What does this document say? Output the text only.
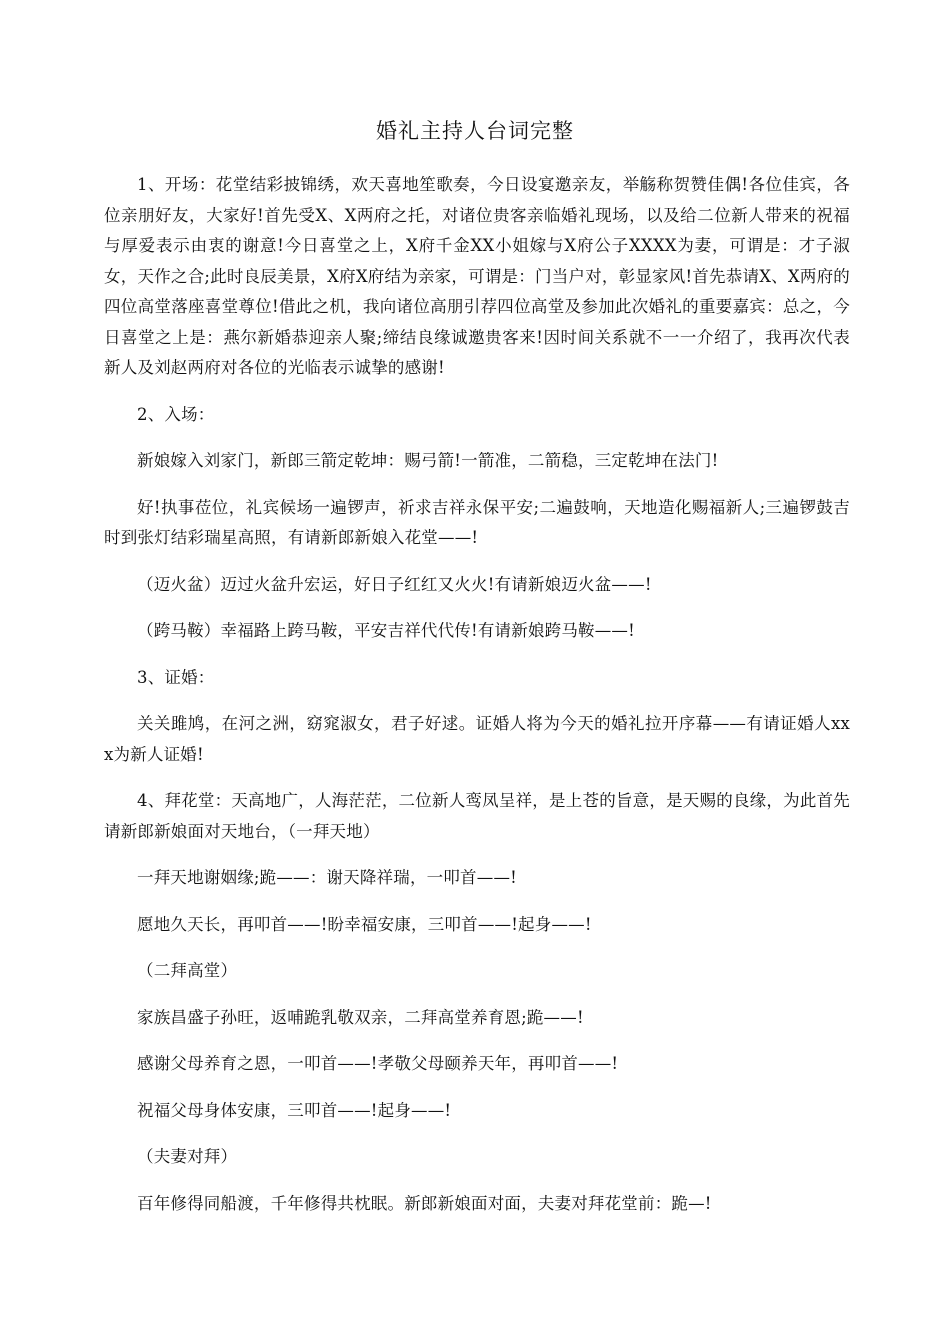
婚礼主持人台词完整

1、开场：花堂结彩披锦绣，欢天喜地笙歌奏，今日设宴邀亲友，举觞称贺赞佳偶!各位佳宾，各位亲朋好友，大家好!首先受X、X两府之托，对诸位贵客亲临婚礼现场，以及给二位新人带来的祝福与厚爱表示由衷的谢意!今日喜堂之上，X府千金XX小姐嫁与X府公子XXXX为妻，可谓是：才子淑女，天作之合;此时良辰美景，X府X府结为亲家，可谓是：门当户对，彰显家风!首先恭请X、X两府的四位高堂落座喜堂尊位!借此之机，我向诸位高朋引荐四位高堂及参加此次婚礼的重要嘉宾：总之，今日喜堂之上是：燕尔新婚恭迎亲人聚;缔结良缘诚邀贵客来!因时间关系就不一一介绍了，我再次代表新人及刘赵两府对各位的光临表示诚挚的感谢!

2、入场：

新娘嫁入刘家门，新郎三箭定乾坤：赐弓箭!一箭准，二箭稳，三定乾坤在法门!

好!执事莅位，礼宾候场一遍锣声，祈求吉祥永保平安;二遍鼓响，天地造化赐福新人;三遍锣鼓吉时到张灯结彩瑞星高照，有请新郎新娘入花堂——!

（迈火盆）迈过火盆升宏运，好日子红红又火火!有请新娘迈火盆——!

（跨马鞍）幸福路上跨马鞍，平安吉祥代代传!有请新娘跨马鞍——!

3、证婚：

关关雎鸠，在河之洲，窈窕淑女，君子好逑。证婚人将为今天的婚礼拉开序幕——有请证婚人xxx为新人证婚!

4、拜花堂：天高地广，人海茫茫，二位新人鸾凤呈祥，是上苍的旨意，是天赐的良缘，为此首先请新郎新娘面对天地台，（一拜天地）

一拜天地谢姻缘;跪——：谢天降祥瑞，一叩首——!

愿地久天长，再叩首——!盼幸福安康，三叩首——!起身——!

（二拜高堂）

家族昌盛子孙旺，返哺跪乳敬双亲，二拜高堂养育恩;跪——!

感谢父母养育之恩，一叩首——!孝敬父母颐养天年，再叩首——!

祝福父母身体安康，三叩首——!起身——!

（夫妻对拜）

百年修得同船渡，千年修得共枕眠。新郎新娘面对面，夫妻对拜花堂前：跪—!
